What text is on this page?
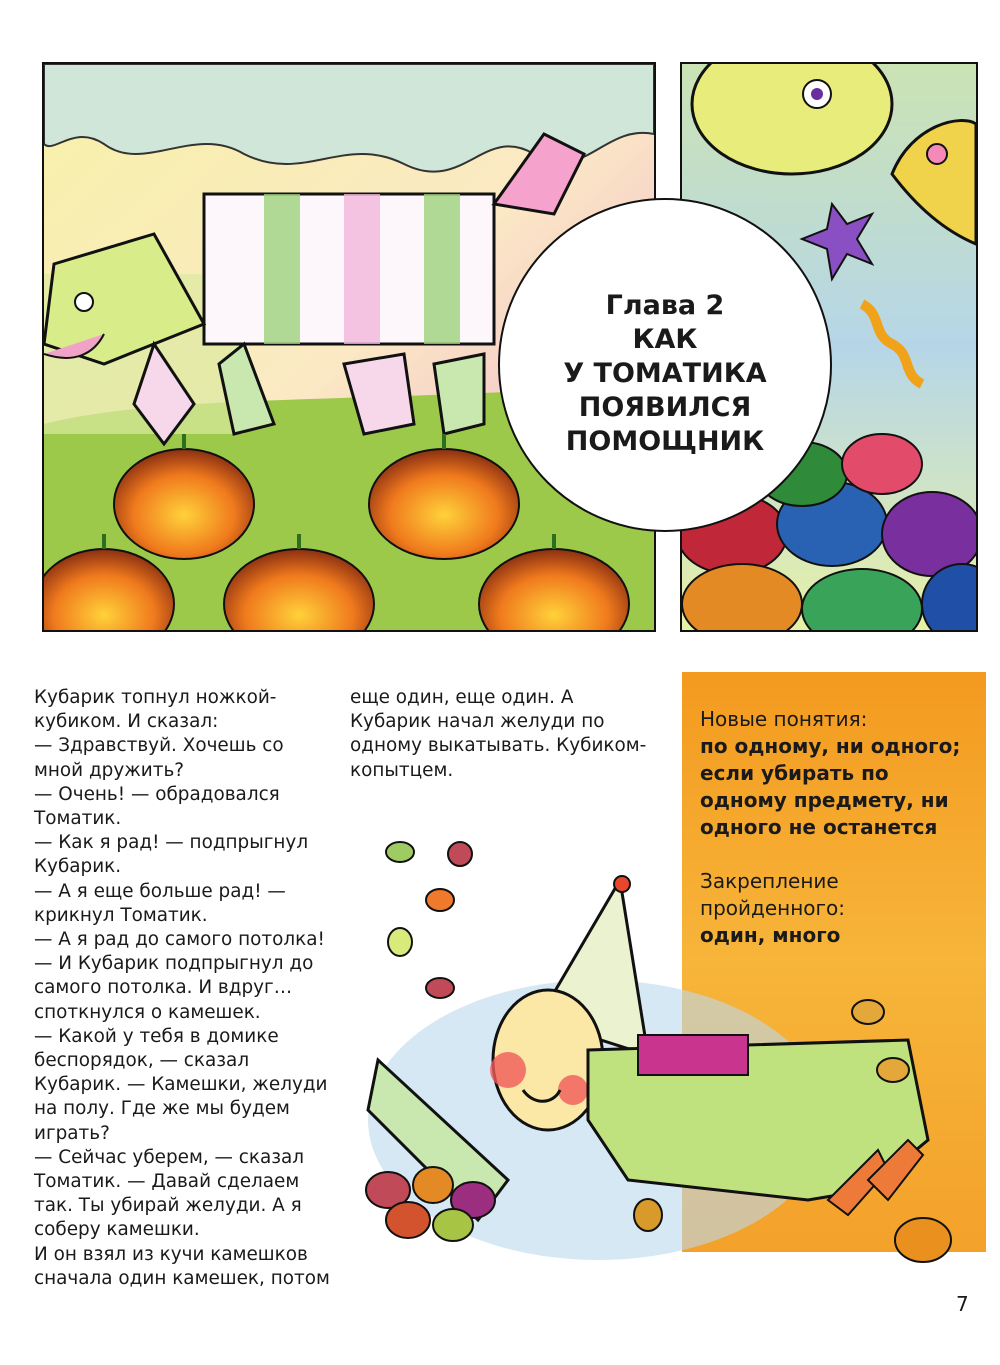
Глава 2
КАК
У ТОМАТИКА
ПОЯВИЛСЯ
ПОМОЩНИК

Кубарик топнул ножкой-кубиком. И сказал:

— Здравствуй. Хочешь со мной дружить?

— Очень! — обрадовался Томатик.

— Как я рад! — подпрыгнул Кубарик.

— А я еще больше рад! — крикнул Томатик.

— А я рад до самого потолка! — И Кубарик подпрыгнул до самого потолка. И вдруг… споткнулся о камешек.

— Какой у тебя в домике беспорядок, — сказал Кубарик. — Камешки, желуди на полу. Где же мы будем играть?

— Сейчас уберем, — сказал Томатик. — Давай сделаем так. Ты убирай желуди. А я соберу камешки.

И он взял из кучи камешков сначала один камешек, потом

еще один, еще один. А Кубарик начал желуди по одному выкатывать. Кубиком-копытцем.

Новые понятия:

по одному, ни одного;

если убирать по одному предмету, ни одного не останется

Закрепление пройденного:

один, много

7
